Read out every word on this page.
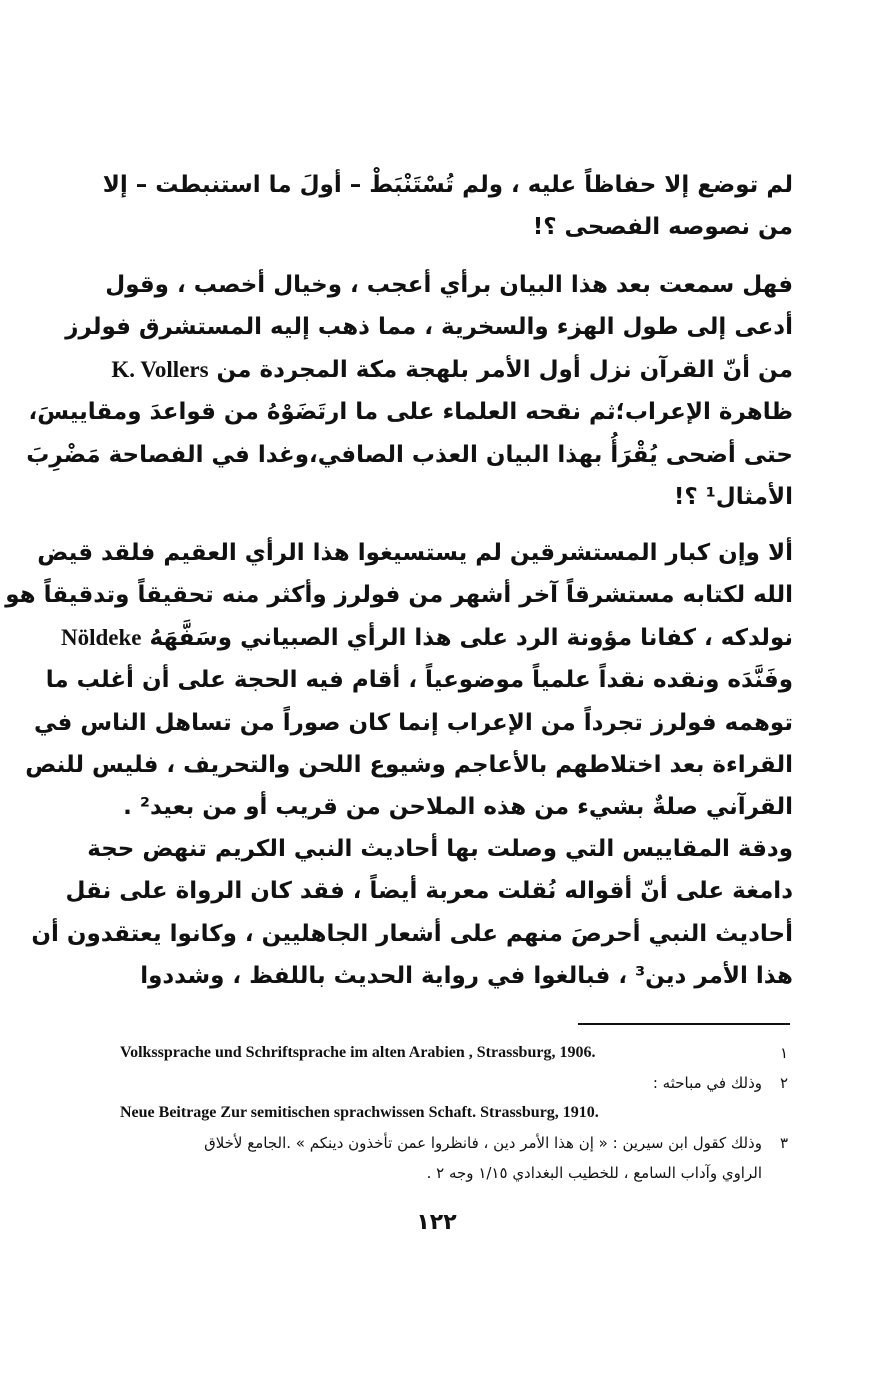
لم توضع إلا حفاظاً عليه ، ولم تُسْتَنْبَطْ – أولَ ما استنبطت – إلا
من نصوصه الفصحى ؟!
فهل سمعت بعد هذا البيان برأي أعجب ، وخيال أخصب ، وقول
أدعى إلى طول الهزء والسخرية ، مما ذهب إليه المستشرق فولرز
من أنّ القرآن نزل أول الأمر بلهجة مكة المجردة من K. Vollers
ظاهرة الإعراب؛ثم نقحه العلماء على ما ارتَضَوْهُ من قواعدَ ومقاييسَ،
حتى أضحى يُقْرَأُ بهذا البيان العذب الصافي،وغدا في الفصاحة مَضْرِبَ
الأمثال¹ ؟!
ألا وإن كبار المستشرقين لم يستسيغوا هذا الرأي العقيم فلقد قيض
الله لكتابه مستشرقاً آخر أشهر من فولرز وأكثر منه تحقيقاً وتدقيقاً هو
نولدكه ، كفانا مؤونة الرد على هذا الرأي الصبياني وسَفَّهَهُ Nöldeke
وفَنَّدَه ونقده نقداً علمياً موضوعياً ، أقام فيه الحجة على أن أغلب ما
توهمه فولرز تجرداً من الإعراب إنما كان صوراً من تساهل الناس في
القراءة بعد اختلاطهم بالأعاجم وشيوع اللحن والتحريف ، فليس للنص
القرآني صلةٌ بشيء من هذه الملاحن من قريب أو من بعيد² .
ودقة المقاييس التي وصلت بها أحاديث النبي الكريم تنهض حجة
دامغة على أنّ أقواله نُقلت معربة أيضاً ، فقد كان الرواة على نقل
أحاديث النبي أحرصَ منهم على أشعار الجاهليين ، وكانوا يعتقدون أن
هذا الأمر دين³ ، فبالغوا في رواية الحديث باللفظ ، وشددوا
١
Volksspraсhe und Schriftsprache im alten Arabien , Strassburg, 1906.
٢
وذلك في مباحثه :
Neue Beitrage Zur semitischen sprachwissen Schaft. Strassburg, 1910.
٣
وذلك كقول ابن سيرين : « إن هذا الأمر دين ، فانظروا عمن تأخذون دينكم » .الجامع لأخلاق
الراوي وآداب السامع ، للخطيب البغدادي ١/١٥ وجه ٢ .
١٢٢
